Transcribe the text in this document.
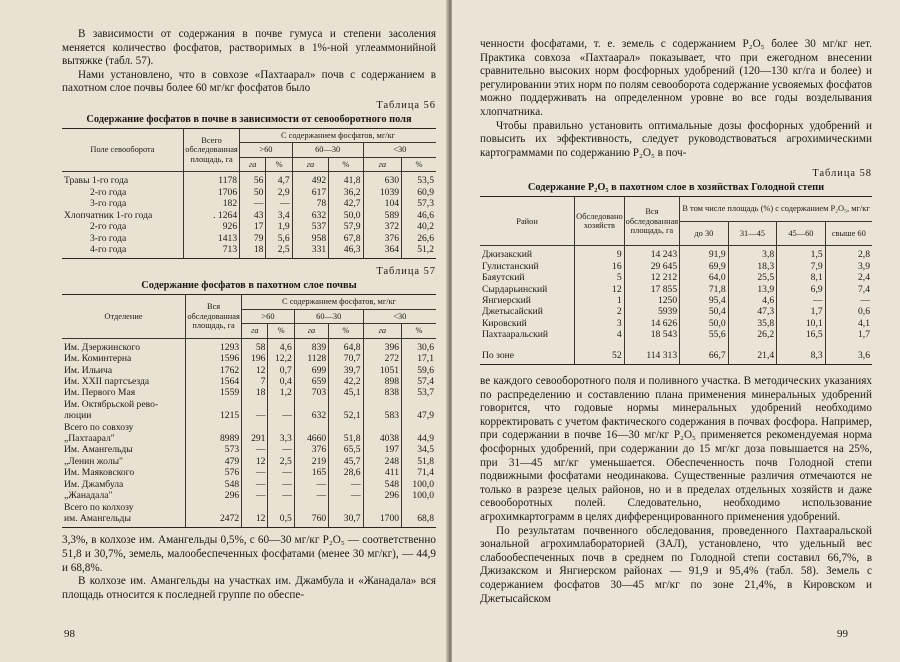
В зависимости от содержания в почве гумуса и степени засоления меняется количество фосфатов, растворимых в 1%-ной углеаммонийной вытяжке (табл. 57).

Нами установлено, что в совхозе «Пахтаарал» почв с содержанием в пахотном слое почвы более 60 мг/кг фосфатов было

Таблица 56
Содержание фосфатов в почве в зависимости от севооборотного поля
Поле севооборота	Всего обследованная площадь, га	С содержанием фосфатов, мг/кг					
		>60		60—30		<30	
		га	%	га	%	га	%
Травы 1-го года	1178	56	4,7	492	41,8	630	53,5
2-го года	1706	50	2,9	617	36,2	1039	60,9
3-го года	182	—	—	78	42,7	104	57,3
Хлопчатник 1-го года	. 1264	43	3,4	632	50,0	589	46,6
2-го года	926	17	1,9	537	57,9	372	40,2
3-го года	1413	79	5,6	958	67,8	376	26,6
4-го года	713	18	2,5	331	46,3	364	51,2
Таблица 57
Содержание фосфатов в пахотном слое почвы
Отделение	Вся обследованная площадь, га	С содержанием фосфатов, мг/кг					
		>60		60—30		<30	
		га	%	га	%	га	%
Им. Дзержинского	1293	58	4,6	839	64,8	396	30,6
Им. Коминтерна	1596	196	12,2	1128	70,7	272	17,1
Им. Ильича	1762	12	0,7	699	39,7	1051	59,6
Им. XXII партсъезда	1564	7	0,4	659	42,2	898	57,4
Им. Первого Мая	1559	18	1,2	703	45,1	838	53,7
Им. Октябрьской рево-							
люции	1215	—	—	632	52,1	583	47,9
Всего по совхозу							
„Пахтаарал"	8989	291	3,3	4660	51,8	4038	44,9
Им. Амангельды	573	—	—	376	65,5	197	34,5
„Ленин жолы"	479	12	2,5	219	45,7	248	51,8
Им. Маяковского	576	—	—	165	28,6	411	71,4
Им. Джамбула	548	—	—	—	—	548	100,0
„Жанадала"	296	—	—	—	—	296	100,0
Всего по колхозу							
им. Амангельды	2472	12	0,5	760	30,7	1700	68,8

3,3%, в колхозе им. Амангельды 0,5%, с 60—30 мг/кг P₂O₅ — соответственно 51,8 и 30,7%, земель, малообеспеченных фосфатами (менее 30 мг/кг), — 44,9 и 68,8%.

В колхозе им. Амангельды на участках им. Джамбула и «Жанадала» вся площадь относится к последней группе по обеспе-

98

ченности фосфатами, т. е. земель с содержанием P₂O₅ более 30 мг/кг нет. Практика совхоза «Пахтаарал» показывает, что при ежегодном внесении сравнительно высоких норм фосфорных удобрений (120—130 кг/га и более) и регулировании этих норм по полям севооборота содержание усвояемых фосфатов можно поддерживать на определенном уровне во все годы возделывания хлопчатника.

Чтобы правильно установить оптимальные дозы фосфорных удобрений и повысить их эффективность, следует руководствоваться агрохимическими картограммами по содержанию P₂O₅ в поч-

Таблица 58
Содержание P₂O₅ в пахотном слое в хозяйствах Голодной степи
Район	Обследовано хозяйств	Вся обследованная площадь, га	В том числе площадь (%) с содержанием P₂O₅, мг/кг			
			до 30	31—45	45—60	свыше 60
Джизакский	9	14 243	91,9	3,8	1,5	2,8
Гулистанский	16	29 645	69,9	18,3	7,9	3,9
Баяутский	5	12 212	64,0	25,5	8,1	2,4
Сырдарьинский	12	17 855	71,8	13,9	6,9	7,4
Янгиерский	1	1250	95,4	4,6	—	—
Джетысайский	2	5939	50,4	47,3	1,7	0,6
Кировский	3	14 626	50,0	35,8	10,1	4,1
Пахтааральский	4	18 543	55,6	26,2	16,5	1,7
По зоне	52	114 313	66,7	21,4	8,3	3,6

ве каждого севооборотного поля и поливного участка. В методических указаниях по распределению и составлению плана применения минеральных удобрений говорится, что годовые нормы минеральных удобрений необходимо корректировать с учетом фактического содержания в почвах фосфора. Например, при содержании в почве 16—30 мг/кг P₂O₅ применяется рекомендуемая норма фосфорных удобрений, при содержании до 15 мг/кг доза повышается на 25%, при 31—45 мг/кг уменьшается. Обеспеченность почв Голодной степи подвижными фосфатами неодинакова. Существенные различия отмечаются не только в разрезе целых районов, но и в пределах отдельных хозяйств и даже севооборотных полей. Следовательно, необходимо использование агрохимкартограмм в целях дифференцированного применения удобрений.

По результатам почвенного обследования, проведенного Пахтааральской зональной агрохимлабораторией (ЗАЛ), установлено, что удельный вес слабообеспеченных почв в среднем по Голодной степи составил 66,7%, в Джизакском и Янгиерском районах — 91,9 и 95,4% (табл. 58). Земель с содержанием фосфатов 30—45 мг/кг по зоне 21,4%, в Кировском и Джетысайском

99
